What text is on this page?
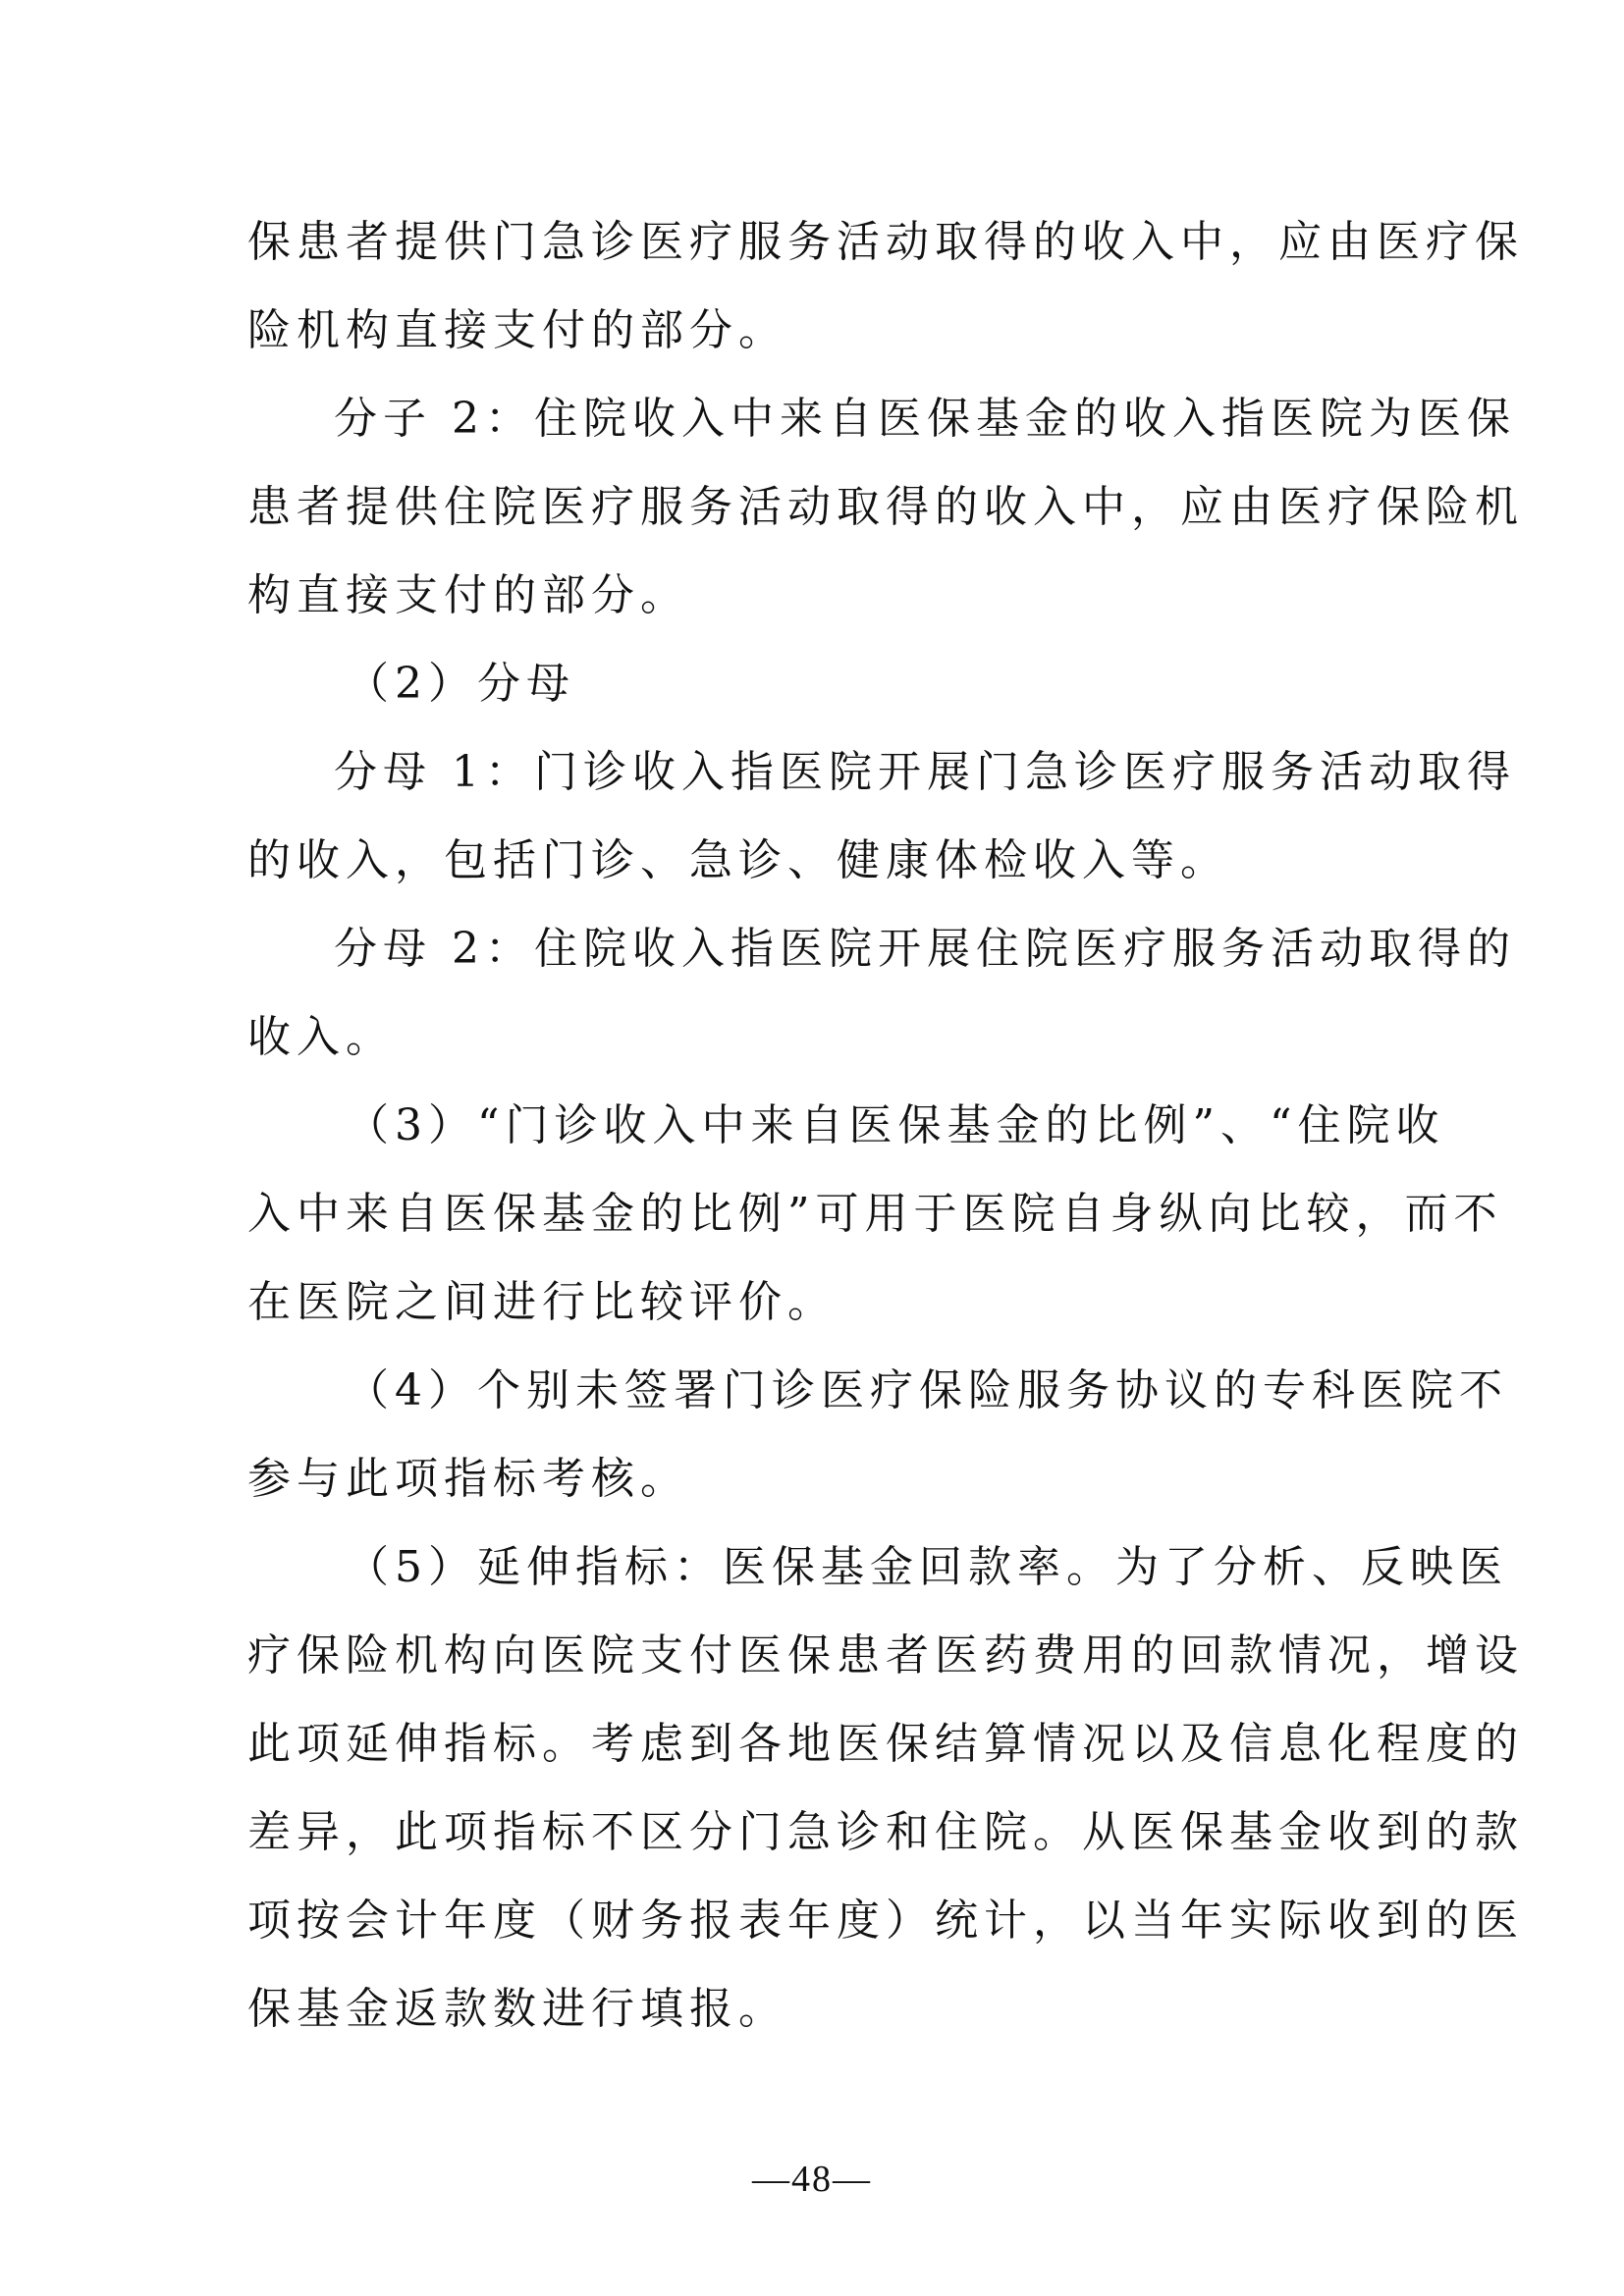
保患者提供门急诊医疗服务活动取得的收入中，应由医疗保
险机构直接支付的部分。
分子 2：住院收入中来自医保基金的收入指医院为医保
患者提供住院医疗服务活动取得的收入中，应由医疗保险机
构直接支付的部分。
（2）分母
分母 1：门诊收入指医院开展门急诊医疗服务活动取得
的收入，包括门诊、急诊、健康体检收入等。
分母 2：住院收入指医院开展住院医疗服务活动取得的
收入。
（3）“门诊收入中来自医保基金的比例”、“住院收
入中来自医保基金的比例”可用于医院自身纵向比较，而不
在医院之间进行比较评价。
（4）个别未签署门诊医疗保险服务协议的专科医院不
参与此项指标考核。
（5）延伸指标：医保基金回款率。为了分析、反映医
疗保险机构向医院支付医保患者医药费用的回款情况，增设
此项延伸指标。考虑到各地医保结算情况以及信息化程度的
差异，此项指标不区分门急诊和住院。从医保基金收到的款
项按会计年度（财务报表年度）统计，以当年实际收到的医
保基金返款数进行填报。
—48—
